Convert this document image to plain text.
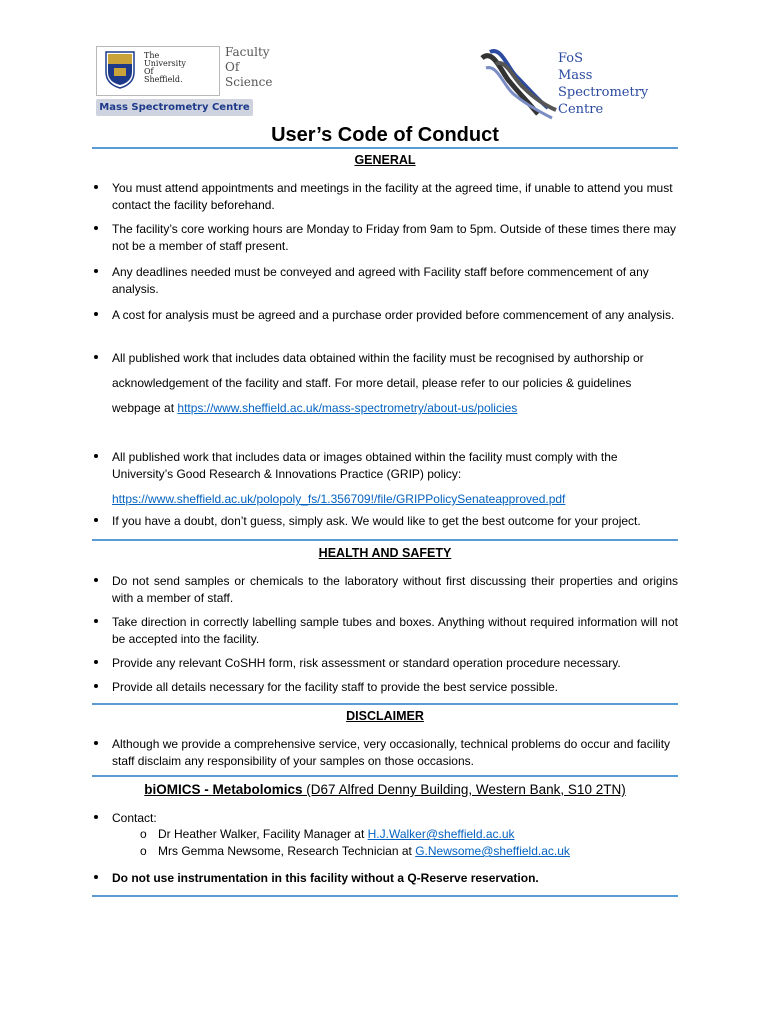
The
University
Of
Sheffield.
Faculty
Of
Science
Mass Spectrometry Centre
FoS
Mass
Spectrometry
Centre
User’s Code of Conduct
GENERAL
You must attend appointments and meetings in the facility at the agreed time, if unable to attend you must contact the facility beforehand.
The facility’s core working hours are Monday to Friday from 9am to 5pm. Outside of these times there may not be a member of staff present.
Any deadlines needed must be conveyed and agreed with Facility staff before commencement of any analysis.
A cost for analysis must be agreed and a purchase order provided before commencement of any analysis.
All published work that includes data obtained within the facility must be recognised by authorship or acknowledgement of the facility and staff. For more detail, please refer to our policies & guidelines webpage at https://www.sheffield.ac.uk/mass-spectrometry/about-us/policies
All published work that includes data or images obtained within the facility must comply with the University’s Good Research & Innovations Practice (GRIP) policy:
https://www.sheffield.ac.uk/polopoly_fs/1.356709!/file/GRIPPolicySenateapproved.pdf
If you have a doubt, don’t guess, simply ask. We would like to get the best outcome for your project.
HEALTH AND SAFETY
Do not send samples or chemicals to the laboratory without first discussing their properties and origins with a member of staff.
Take direction in correctly labelling sample tubes and boxes. Anything without required information will not be accepted into the facility.
Provide any relevant CoSHH form, risk assessment or standard operation procedure necessary.
Provide all details necessary for the facility staff to provide the best service possible.
DISCLAIMER
Although we provide a comprehensive service, very occasionally, technical problems do occur and facility staff disclaim any responsibility of your samples on those occasions.
biOMICS - Metabolomics (D67 Alfred Denny Building, Western Bank, S10 2TN)
Contact:
o Dr Heather Walker, Facility Manager at H.J.Walker@sheffield.ac.uk
o Mrs Gemma Newsome, Research Technician at G.Newsome@sheffield.ac.uk
Do not use instrumentation in this facility without a Q-Reserve reservation.
